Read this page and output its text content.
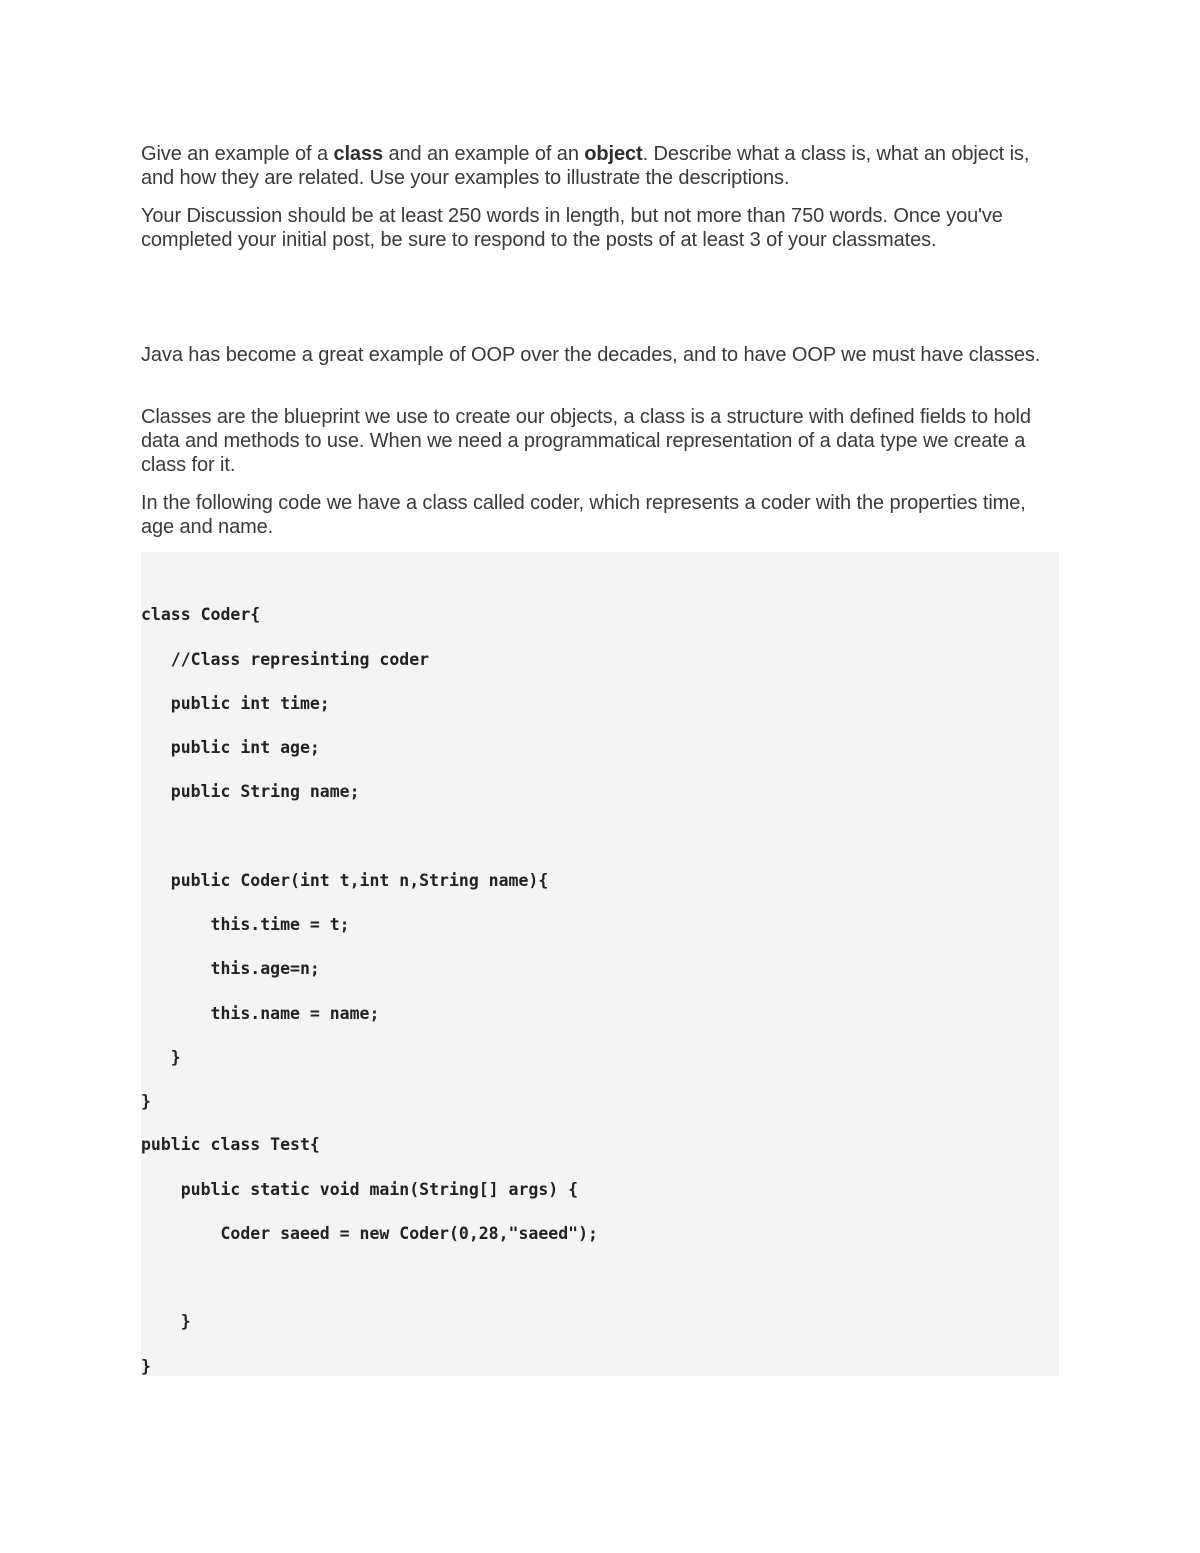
Give an example of a class and an example of an object. Describe what a class is, what an object is, and how they are related. Use your examples to illustrate the descriptions.

Your Discussion should be at least 250 words in length, but not more than 750 words. Once you've completed your initial post, be sure to respond to the posts of at least 3 of your classmates.

Java has become a great example of OOP over the decades, and to have OOP we must have classes.

Classes are the blueprint we use to create our objects, a class is a structure with defined fields to hold data and methods to use. When we need a programmatical representation of a data type we create a class for it.

In the following code we have a class called coder, which represents a coder with the properties time, age and name.

class Coder{
//Class represinting coder
public int time;
public int age;
public String name;
public Coder(int t,int n,String name){
this.time = t;
this.age=n;
this.name = name;
}
}
public class Test{
public static void main(String[] args) {
Coder saeed = new Coder(0,28,"saeed");
}
}
